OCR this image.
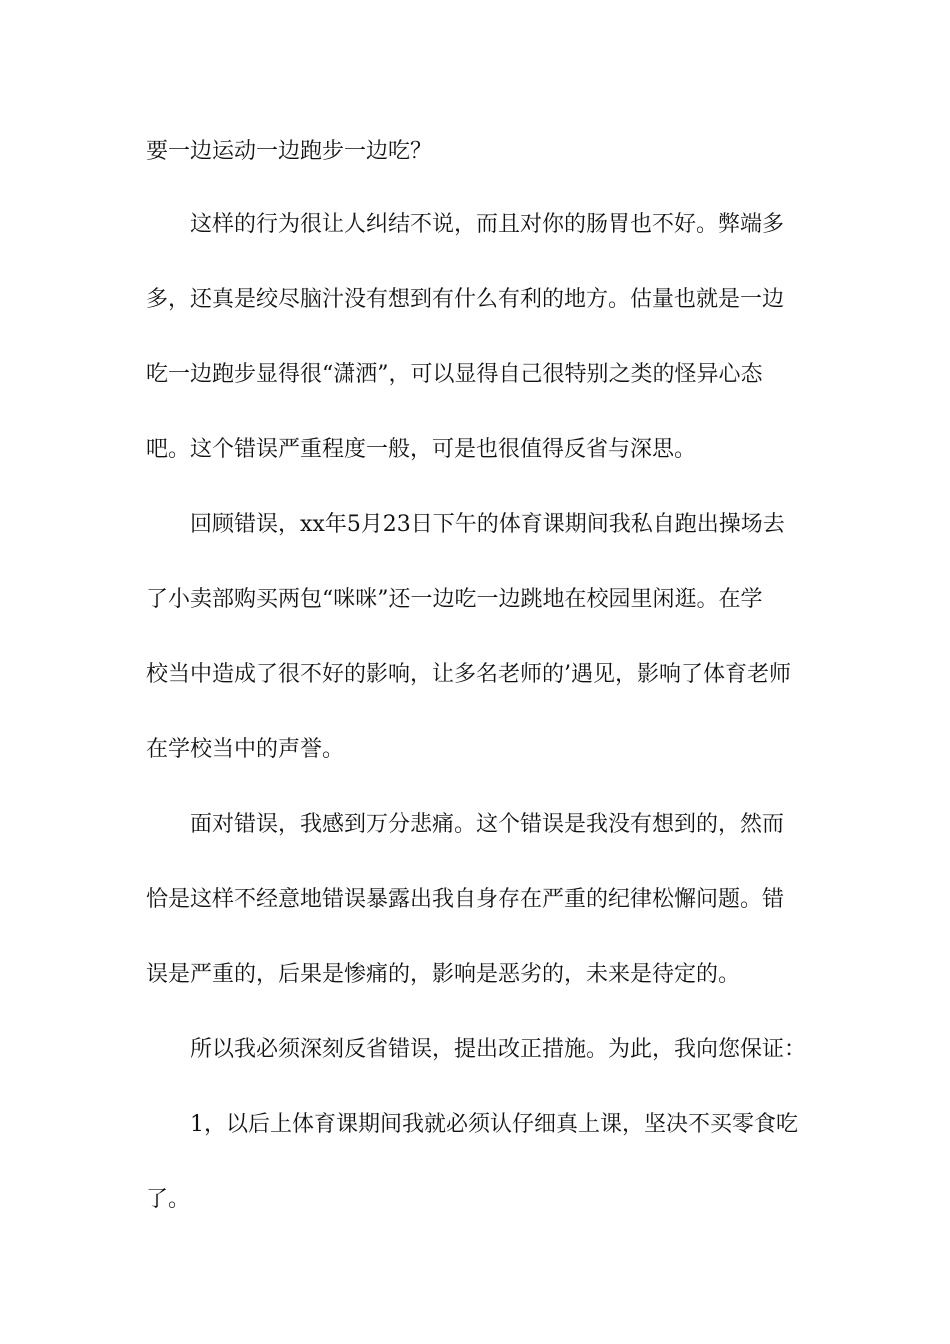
要一边运动一边跑步一边吃？
这样的行为很让人纠结不说，而且对你的肠胃也不好。弊端多
多，还真是绞尽脑汁没有想到有什么有利的地方。估量也就是一边
吃一边跑步显得很“潇洒”，可以显得自己很特别之类的怪异心态
吧。这个错误严重程度一般，可是也很值得反省与深思。
回顾错误，xx年5月23日下午的体育课期间我私自跑出操场去
了小卖部购买两包“咪咪”还一边吃一边跳地在校园里闲逛。在学
校当中造成了很不好的影响，让多名老师的’遇见，影响了体育老师
在学校当中的声誉。
面对错误，我感到万分悲痛。这个错误是我没有想到的，然而
恰是这样不经意地错误暴露出我自身存在严重的纪律松懈问题。错
误是严重的，后果是惨痛的，影响是恶劣的，未来是待定的。
所以我必须深刻反省错误，提出改正措施。为此，我向您保证：
1，以后上体育课期间我就必须认仔细真上课，坚决不买零食吃
了。
